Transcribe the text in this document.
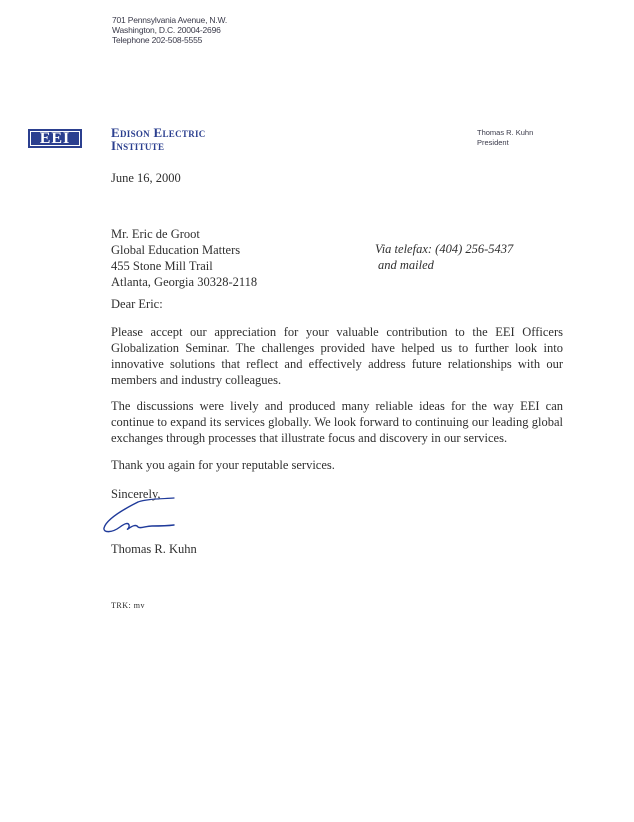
701 Pennsylvania Avenue, N.W.
Washington, D.C. 20004-2696
Telephone 202-508-5555
EEI	Edison Electric
Institute
Thomas R. Kuhn
President
June 16, 2000
Mr. Eric de Groot
Global Education Matters
455 Stone Mill Trail
Atlanta, Georgia 30328-2118
Via telefax: (404) 256-5437
and mailed
Dear Eric:
Please accept our appreciation for your valuable contribution to the EEI Officers Globalization Seminar. The challenges provided have helped us to further look into innovative solutions that reflect and effectively address future relationships with our members and industry colleagues.
The discussions were lively and produced many reliable ideas for the way EEI can continue to expand its services globally. We look forward to continuing our leading global exchanges through processes that illustrate focus and discovery in our services.
Thank you again for your reputable services.
Sincerely,
Thomas R. Kuhn
TRK: mv
